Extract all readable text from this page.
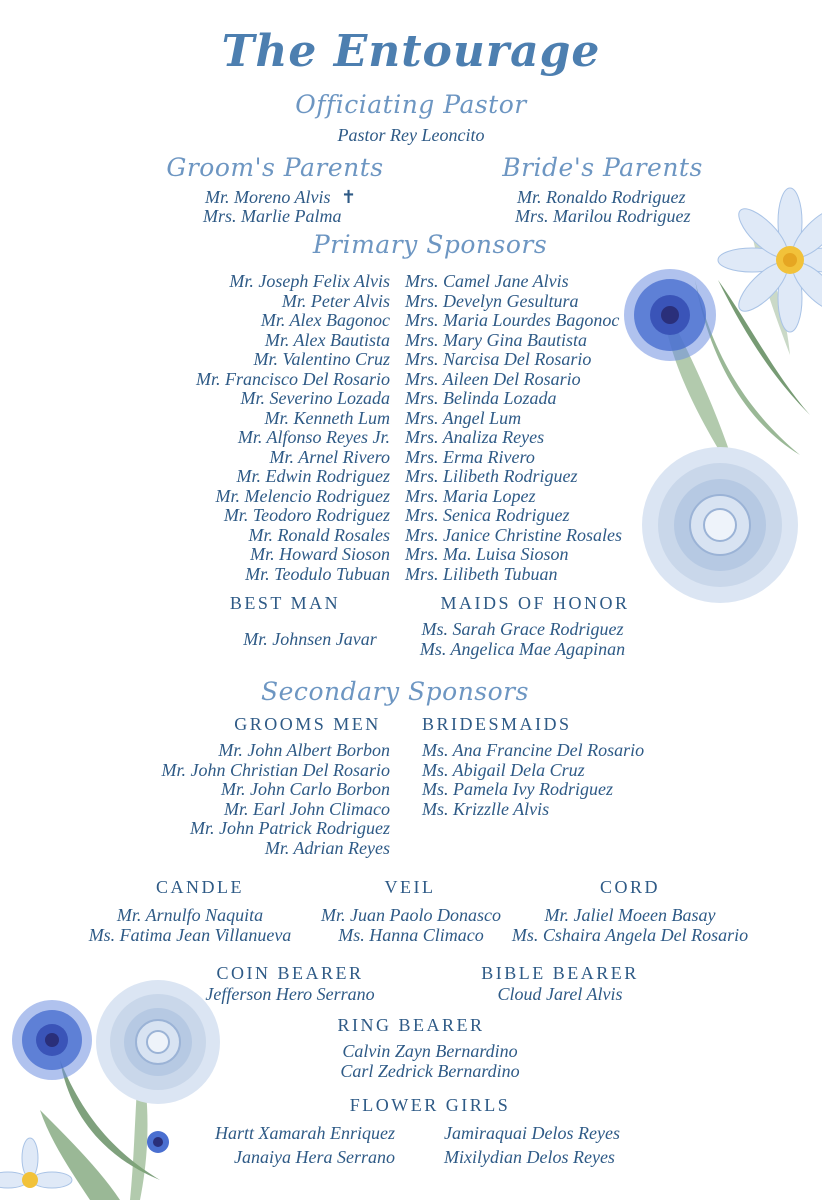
The Entourage
Officiating Pastor
Pastor Rey Leoncito
Groom's Parents
Mr. Moreno Alvis ✝
Mrs. Marlie Palma
Bride's Parents
Mr. Ronaldo Rodriguez
Mrs. Marilou Rodriguez
Primary Sponsors
Mr. Joseph Felix Alvis
Mr. Peter Alvis
Mr. Alex Bagonoc
Mr. Alex Bautista
Mr. Valentino Cruz
Mr. Francisco Del Rosario
Mr. Severino Lozada
Mr. Kenneth Lum
Mr. Alfonso Reyes Jr.
Mr. Arnel Rivero
Mr. Edwin Rodriguez
Mr. Melencio Rodriguez
Mr. Teodoro Rodriguez
Mr. Ronald Rosales
Mr. Howard Sioson
Mr. Teodulo Tubuan
Mrs. Camel Jane Alvis
Mrs. Develyn Gesultura
Mrs. Maria Lourdes Bagonoc
Mrs. Mary Gina Bautista
Mrs. Narcisa Del Rosario
Mrs. Aileen Del Rosario
Mrs. Belinda Lozada
Mrs. Angel Lum
Mrs. Analiza Reyes
Mrs. Erma Rivero
Mrs. Lilibeth Rodriguez
Mrs. Maria Lopez
Mrs. Senica Rodriguez
Mrs. Janice Christine Rosales
Mrs. Ma. Luisa Sioson
Mrs. Lilibeth Tubuan
BEST MAN
Mr. Johnsen Javar
MAIDS OF HONOR
Ms. Sarah Grace Rodriguez
Ms. Angelica Mae Agapinan
Secondary Sponsors
GROOMS MEN
Mr. John Albert Borbon
Mr. John Christian Del Rosario
Mr. John Carlo Borbon
Mr. Earl John Climaco
Mr. John Patrick Rodriguez
Mr. Adrian Reyes
BRIDESMAIDS
Ms. Ana Francine Del Rosario
Ms. Abigail Dela Cruz
Ms. Pamela Ivy Rodriguez
Ms. Krizzlle Alvis
CANDLE
Mr. Arnulfo Naquita
Ms. Fatima Jean Villanueva
VEIL
Mr. Juan Paolo Donasco
Ms. Hanna Climaco
CORD
Mr. Jaliel Moeen Basay
Ms. Cshaira Angela Del Rosario
COIN BEARER
Jefferson Hero Serrano
BIBLE BEARER
Cloud Jarel Alvis
RING BEARER
Calvin Zayn Bernardino
Carl Zedrick Bernardino
FLOWER GIRLS
Hartt Xamarah Enriquez
Janaiya Hera Serrano
Jamiraquai Delos Reyes
Mixilydian Delos Reyes
